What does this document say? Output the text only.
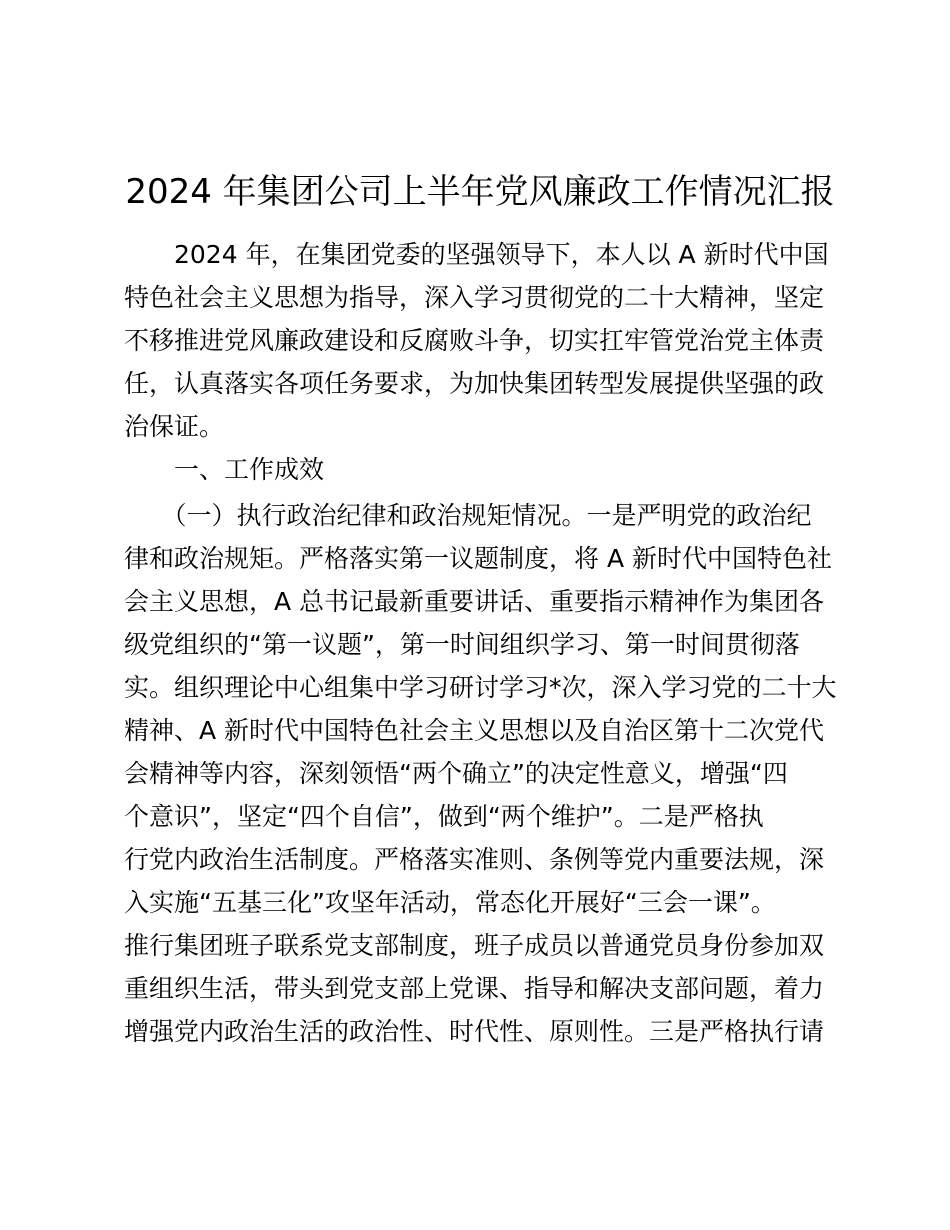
2024 年集团公司上半年党风廉政工作情况汇报
　　2024 年，在集团党委的坚强领导下，本人以 A 新时代中国
特色社会主义思想为指导，深入学习贯彻党的二十大精神，坚定
不移推进党风廉政建设和反腐败斗争，切实扛牢管党治党主体责
任，认真落实各项任务要求，为加快集团转型发展提供坚强的政
治保证。
　　一、工作成效
　　（一）执行政治纪律和政治规矩情况。一是严明党的政治纪
律和政治规矩。严格落实第一议题制度，将 A 新时代中国特色社
会主义思想，A 总书记最新重要讲话、重要指示精神作为集团各
级党组织的“第一议题”，第一时间组织学习、第一时间贯彻落
实。组织理论中心组集中学习研讨学习*次，深入学习党的二十大
精神、A 新时代中国特色社会主义思想以及自治区第十二次党代
会精神等内容，深刻领悟“两个确立”的决定性意义，增强“四
个意识”，坚定“四个自信”，做到“两个维护”。二是严格执
行党内政治生活制度。严格落实准则、条例等党内重要法规，深
入实施“五基三化”攻坚年活动，常态化开展好“三会一课”。
推行集团班子联系党支部制度，班子成员以普通党员身份参加双
重组织生活，带头到党支部上党课、指导和解决支部问题，着力
增强党内政治生活的政治性、时代性、原则性。三是严格执行请
